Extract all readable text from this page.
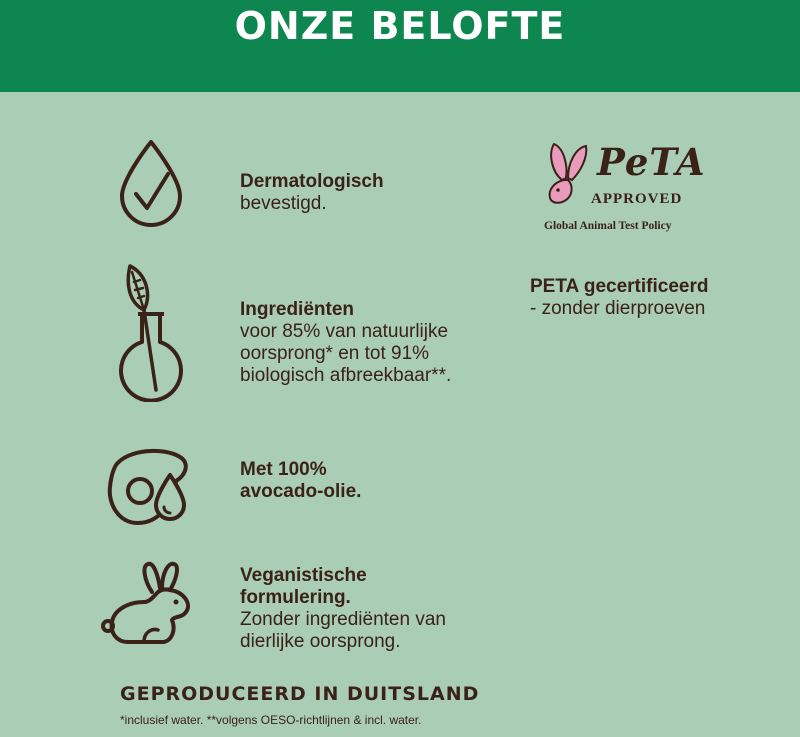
ONZE BELOFTE
Dermatologisch
bevestigd.
Ingrediënten
voor 85% van natuurlijke
oorsprong* en tot 91%
biologisch afbreekbaar**.
Met 100%
avocado-olie.
Veganistische
formulering.
Zonder ingrediënten van
dierlijke oorsprong.
PeTA
APPROVED
Global Animal Test Policy
PETA gecertificeerd
- zonder dierproeven
GEPRODUCEERD IN DUITSLAND
*inclusief water. **volgens OESO-richtlijnen & incl. water.
